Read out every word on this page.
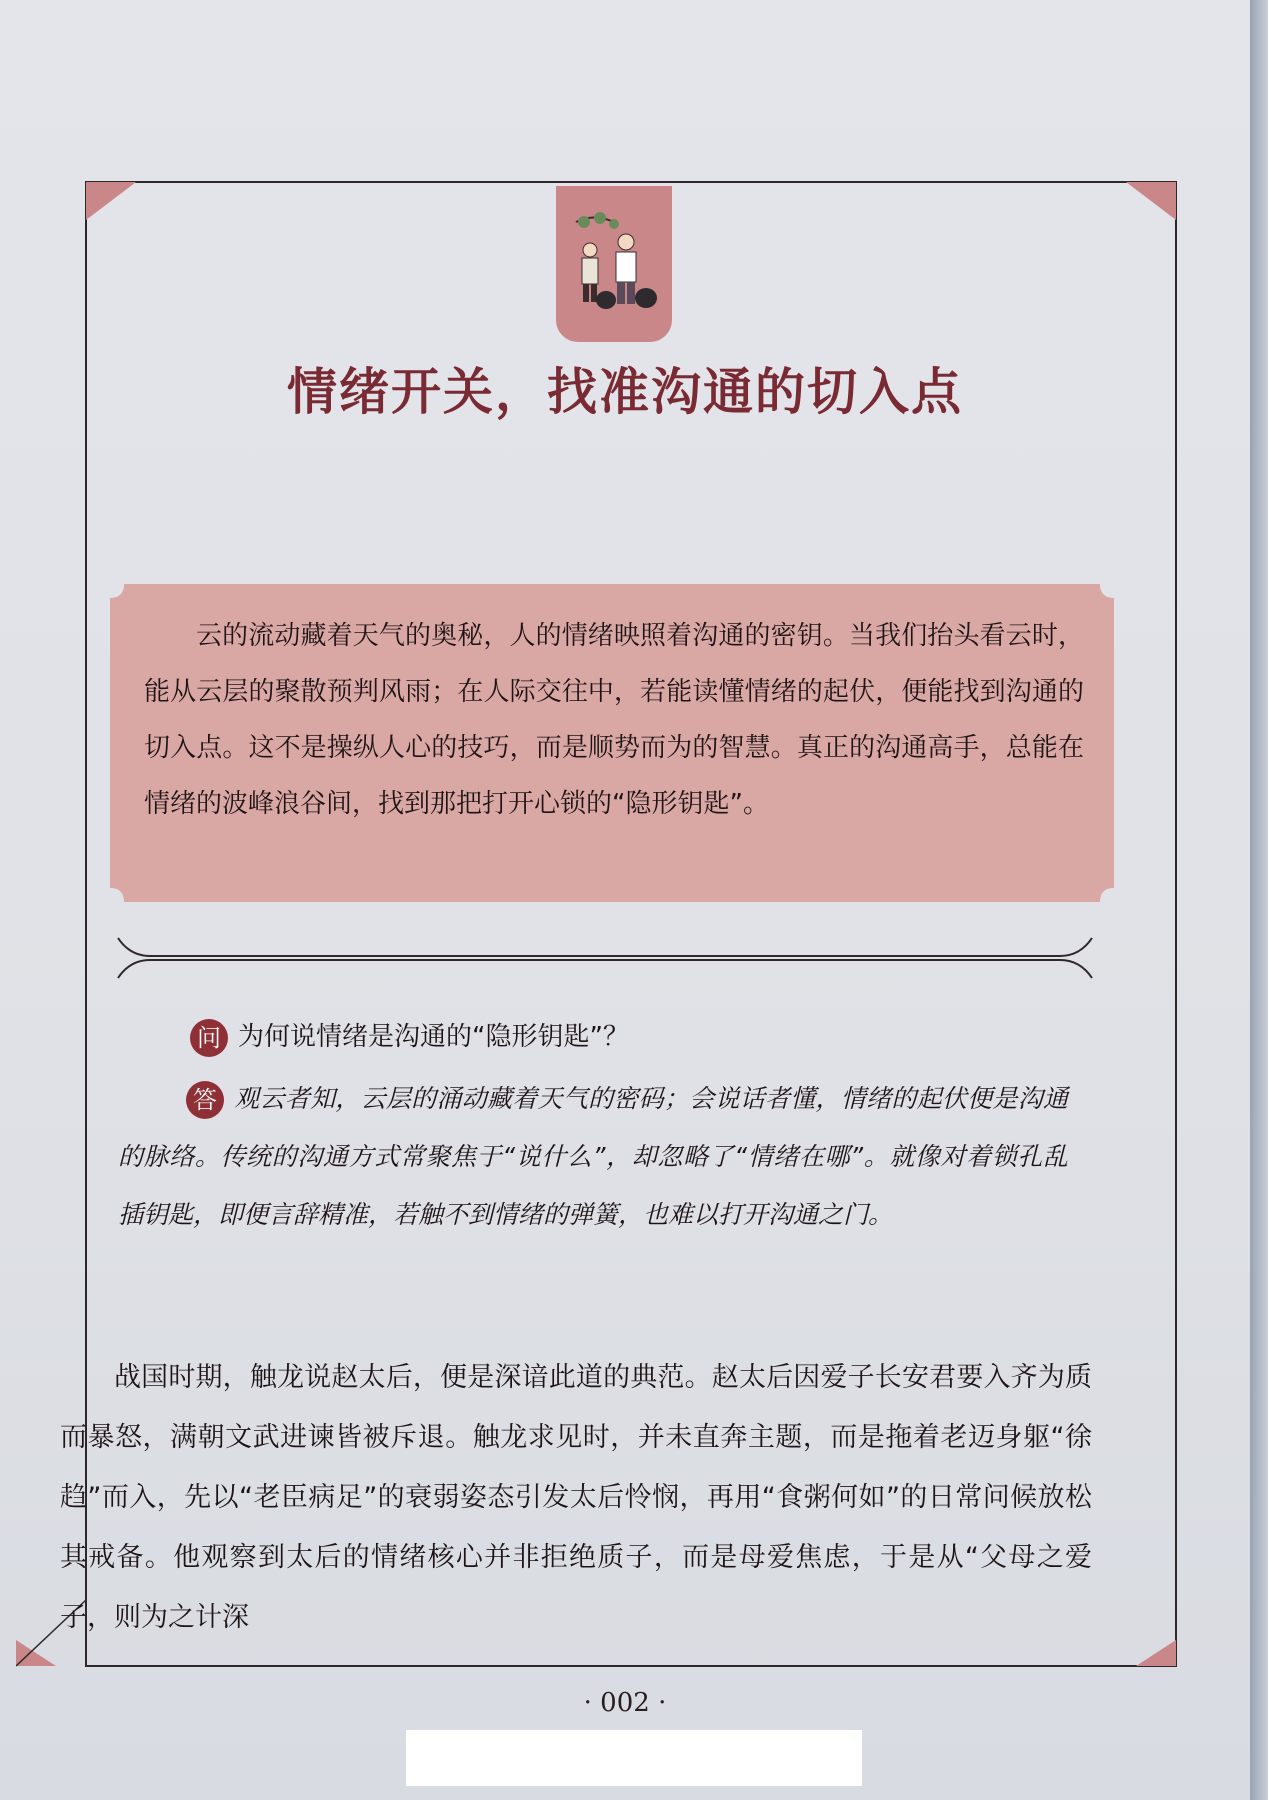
情绪开关，找准沟通的切入点

云的流动藏着天气的奥秘，人的情绪映照着沟通的密钥。当我们抬头看云时，能从云层的聚散预判风雨；在人际交往中，若能读懂情绪的起伏，便能找到沟通的切入点。这不是操纵人心的技巧，而是顺势而为的智慧。真正的沟通高手，总能在情绪的波峰浪谷间，找到那把打开心锁的“隐形钥匙”。

问 为何说情绪是沟通的“隐形钥匙”？

答 观云者知，云层的涌动藏着天气的密码；会说话者懂，情绪的起伏便是沟通的脉络。传统的沟通方式常聚焦于“说什么”，却忽略了“情绪在哪”。就像对着锁孔乱插钥匙，即便言辞精准，若触不到情绪的弹簧，也难以打开沟通之门。

战国时期，触龙说赵太后，便是深谙此道的典范。赵太后因爱子长安君要入齐为质而暴怒，满朝文武进谏皆被斥退。触龙求见时，并未直奔主题，而是拖着老迈身躯“徐趋”而入，先以“老臣病足”的衰弱姿态引发太后怜悯，再用“食粥何如”的日常问候放松其戒备。他观察到太后的情绪核心并非拒绝质子，而是母爱焦虑，于是从“父母之爱子，则为之计深

· 002 ·
